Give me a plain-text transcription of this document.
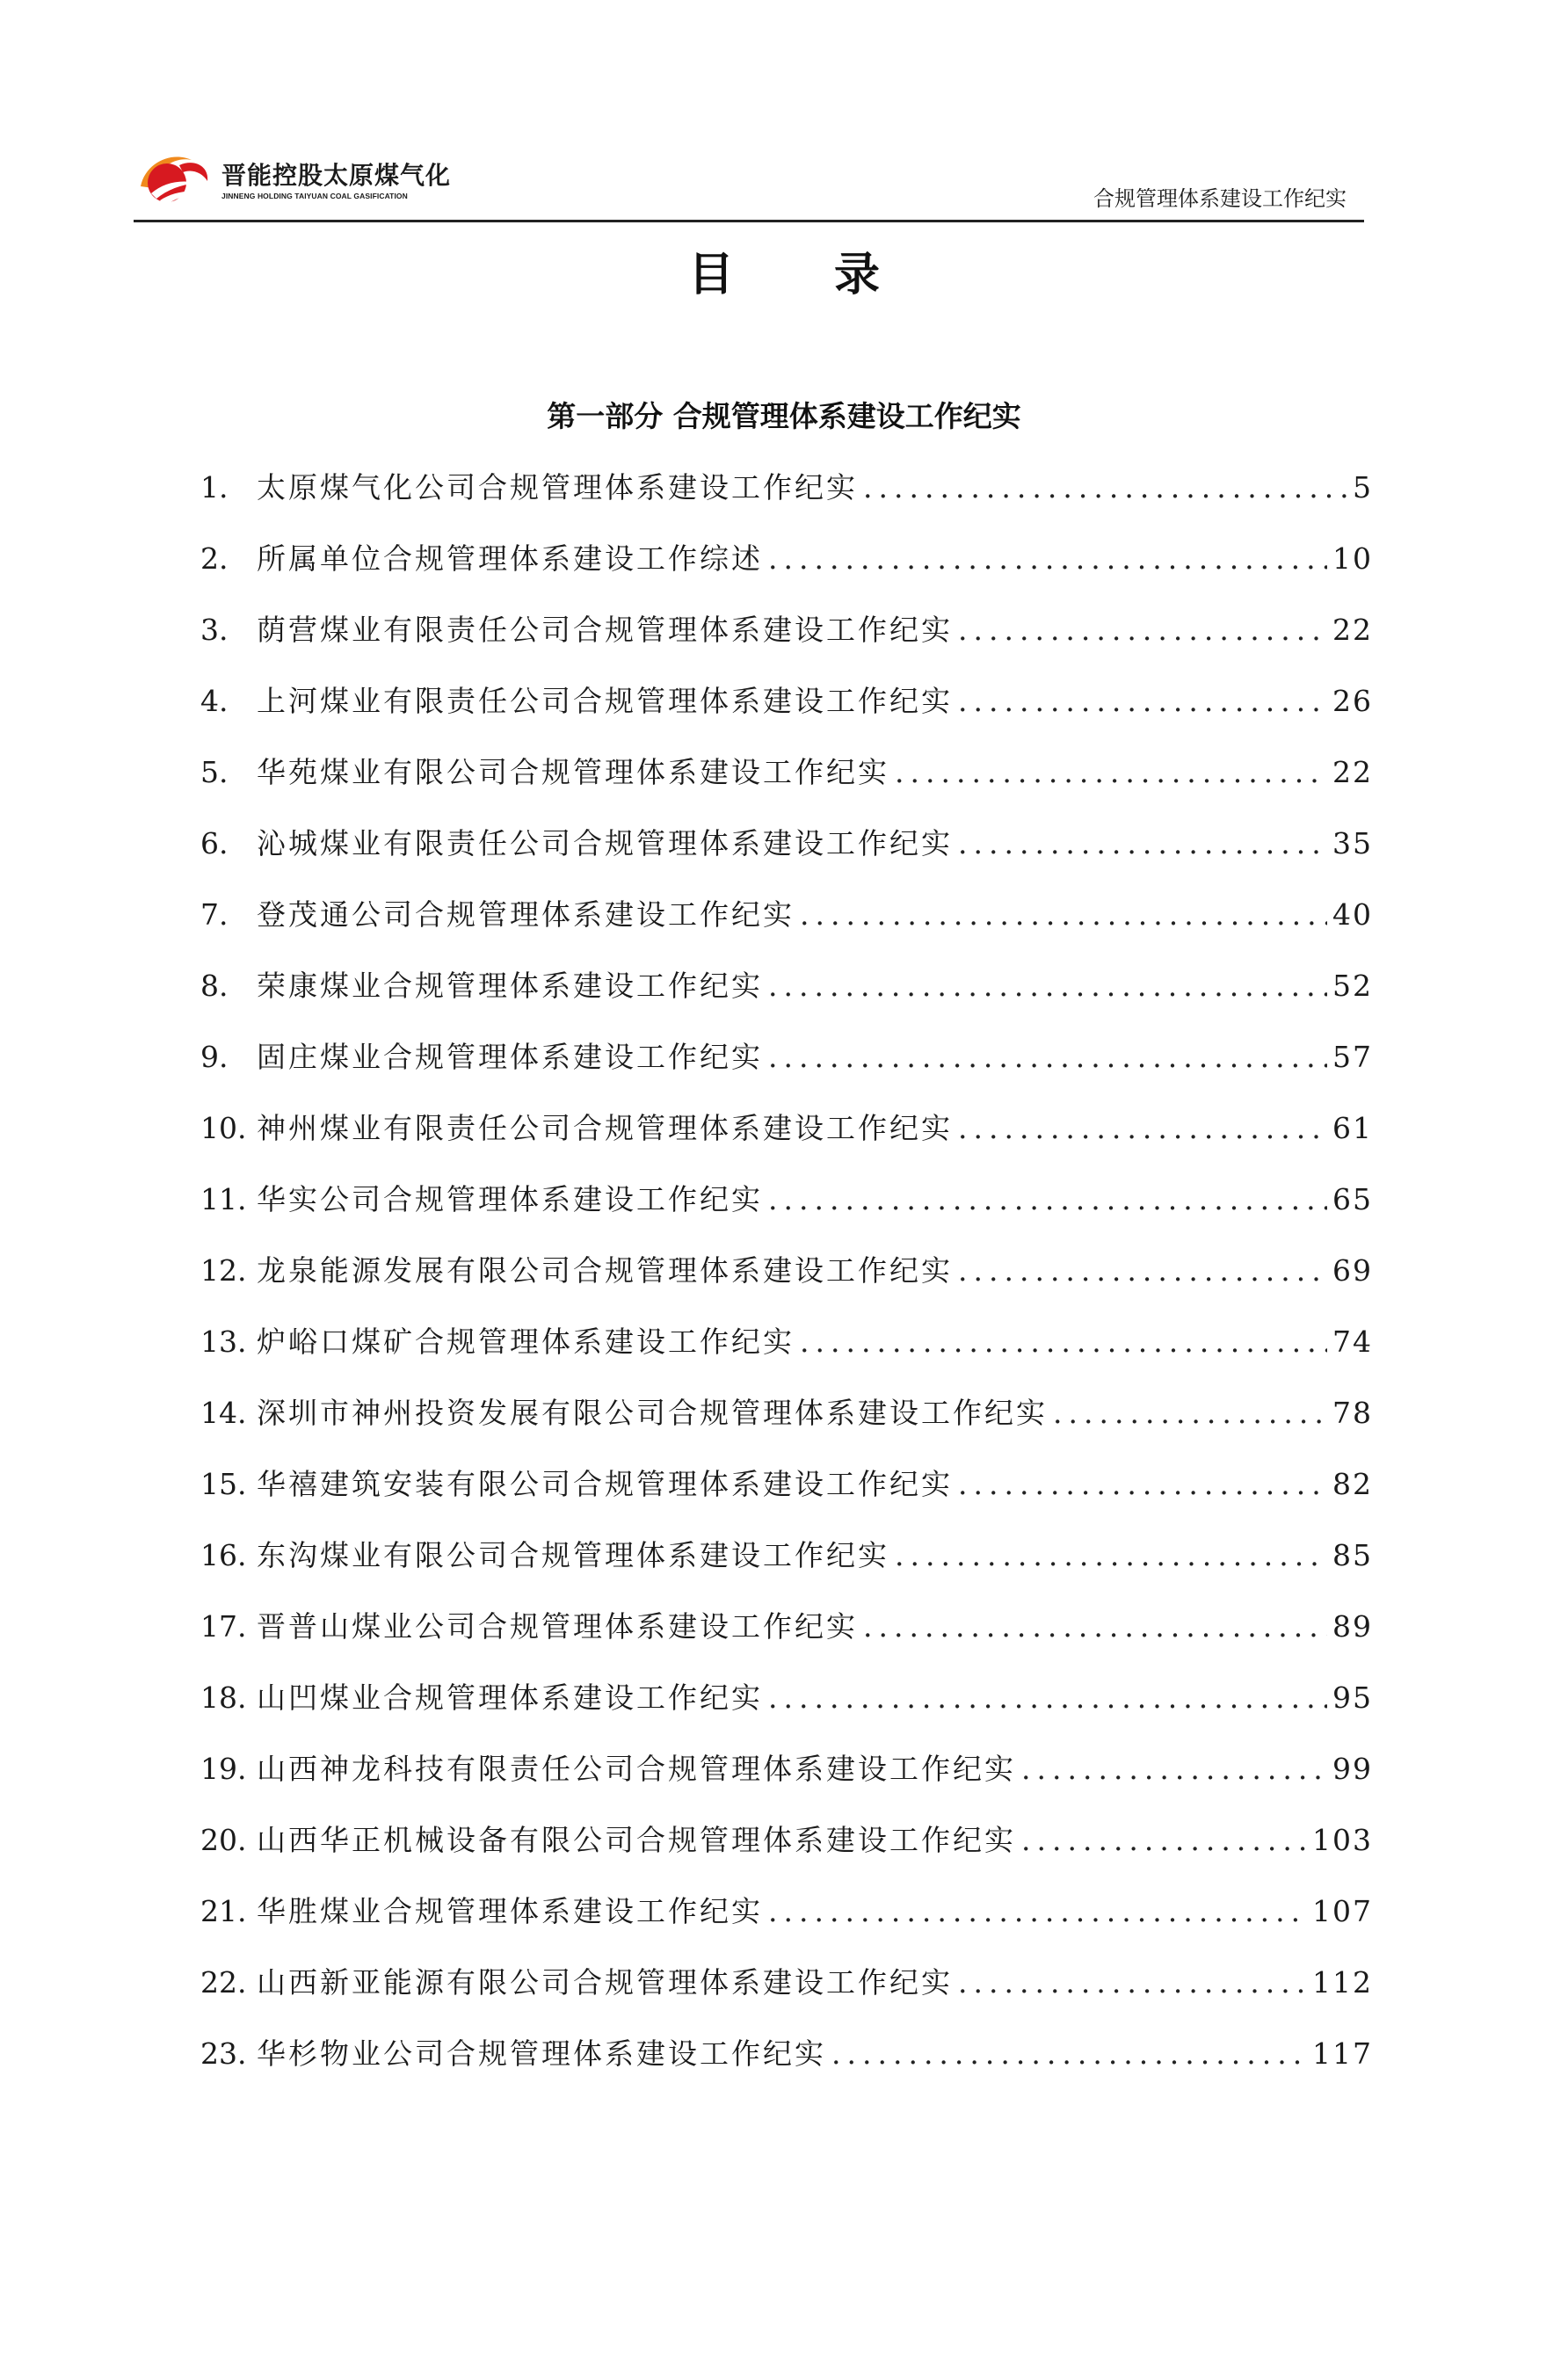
晋能控股太原煤气化
JINNENG HOLDING TAIYUAN COAL GASIFICATION	合规管理体系建设工作纪实
目 录
第一部分 合规管理体系建设工作纪实
1. 太原煤气化公司合规管理体系建设工作纪实 .....	5
2. 所属单位合规管理体系建设工作综述 .....	10
3. 荫营煤业有限责任公司合规管理体系建设工作纪实 .....	22
4. 上河煤业有限责任公司合规管理体系建设工作纪实 .....	26
5. 华苑煤业有限公司合规管理体系建设工作纪实 .....	22
6. 沁城煤业有限责任公司合规管理体系建设工作纪实 .....	35
7. 登茂通公司合规管理体系建设工作纪实 .....	40
8. 荣康煤业合规管理体系建设工作纪实 .....	52
9. 固庄煤业合规管理体系建设工作纪实 .....	57
10. 神州煤业有限责任公司合规管理体系建设工作纪实 .....	61
11. 华实公司合规管理体系建设工作纪实 .....	65
12. 龙泉能源发展有限公司合规管理体系建设工作纪实 .....	69
13. 炉峪口煤矿合规管理体系建设工作纪实 .....	74
14. 深圳市神州投资发展有限公司合规管理体系建设工作纪实 .....	78
15. 华禧建筑安装有限公司合规管理体系建设工作纪实 .....	82
16. 东沟煤业有限公司合规管理体系建设工作纪实 .....	85
17. 晋普山煤业公司合规管理体系建设工作纪实 .....	89
18. 山凹煤业合规管理体系建设工作纪实 .....	95
19. 山西神龙科技有限责任公司合规管理体系建设工作纪实 .....	99
20. 山西华正机械设备有限公司合规管理体系建设工作纪实 .....	103
21. 华胜煤业合规管理体系建设工作纪实 .....	107
22. 山西新亚能源有限公司合规管理体系建设工作纪实 .....	112
23. 华杉物业公司合规管理体系建设工作纪实 .....	117
